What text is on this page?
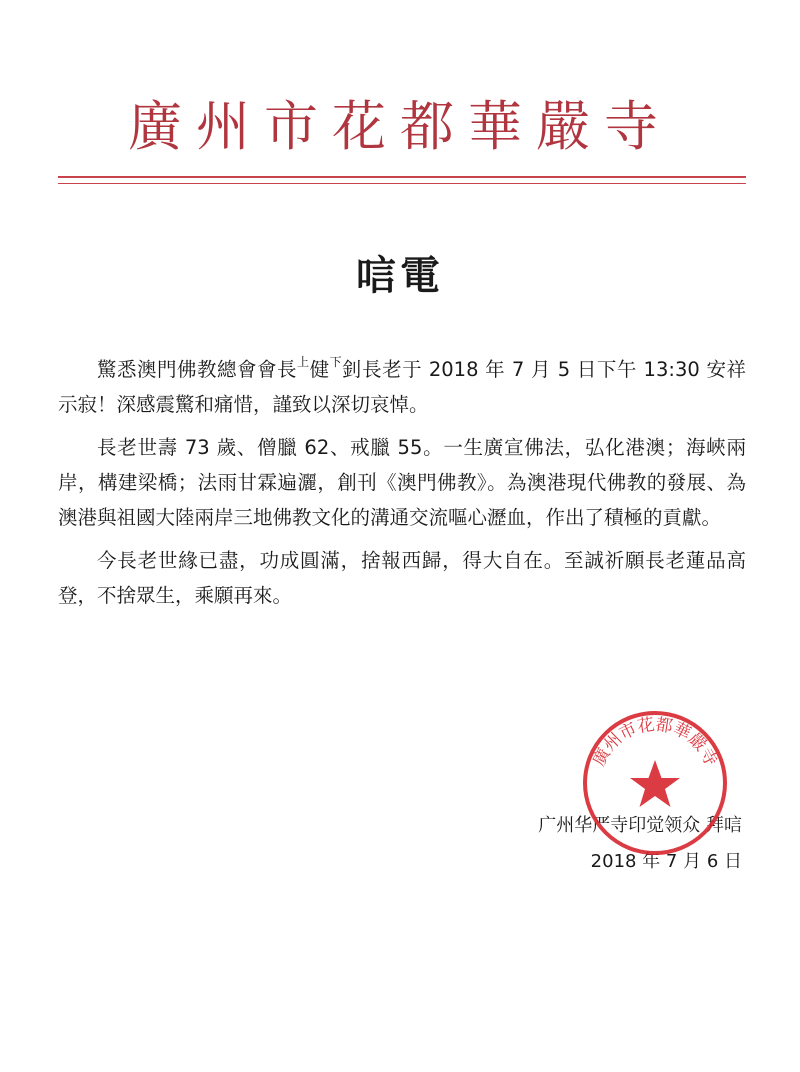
廣州市花都華嚴寺
唁電

驚悉澳門佛教總會會長$^上$健$^下$釗長老于 2018 年 7 月 5 日下午 13:30 安祥示寂！深感震驚和痛惜，謹致以深切哀悼。

長老世壽 73 歲、僧臘 62、戒臘 55。一生廣宣佛法，弘化港澳；海峽兩岸，構建梁橋；法雨甘霖遍灑，創刊《澳門佛教》。為澳港現代佛教的發展、為澳港與祖國大陸兩岸三地佛教文化的溝通交流嘔心瀝血，作出了積極的貢獻。

今長老世緣已盡，功成圓滿，捨報西歸，得大自在。至誠祈願長老蓮品高登，不捨眾生，乘願再來。

广州华严寺印觉领众 拜唁
2018 年 7 月 6 日
廣州市花都華嚴寺
